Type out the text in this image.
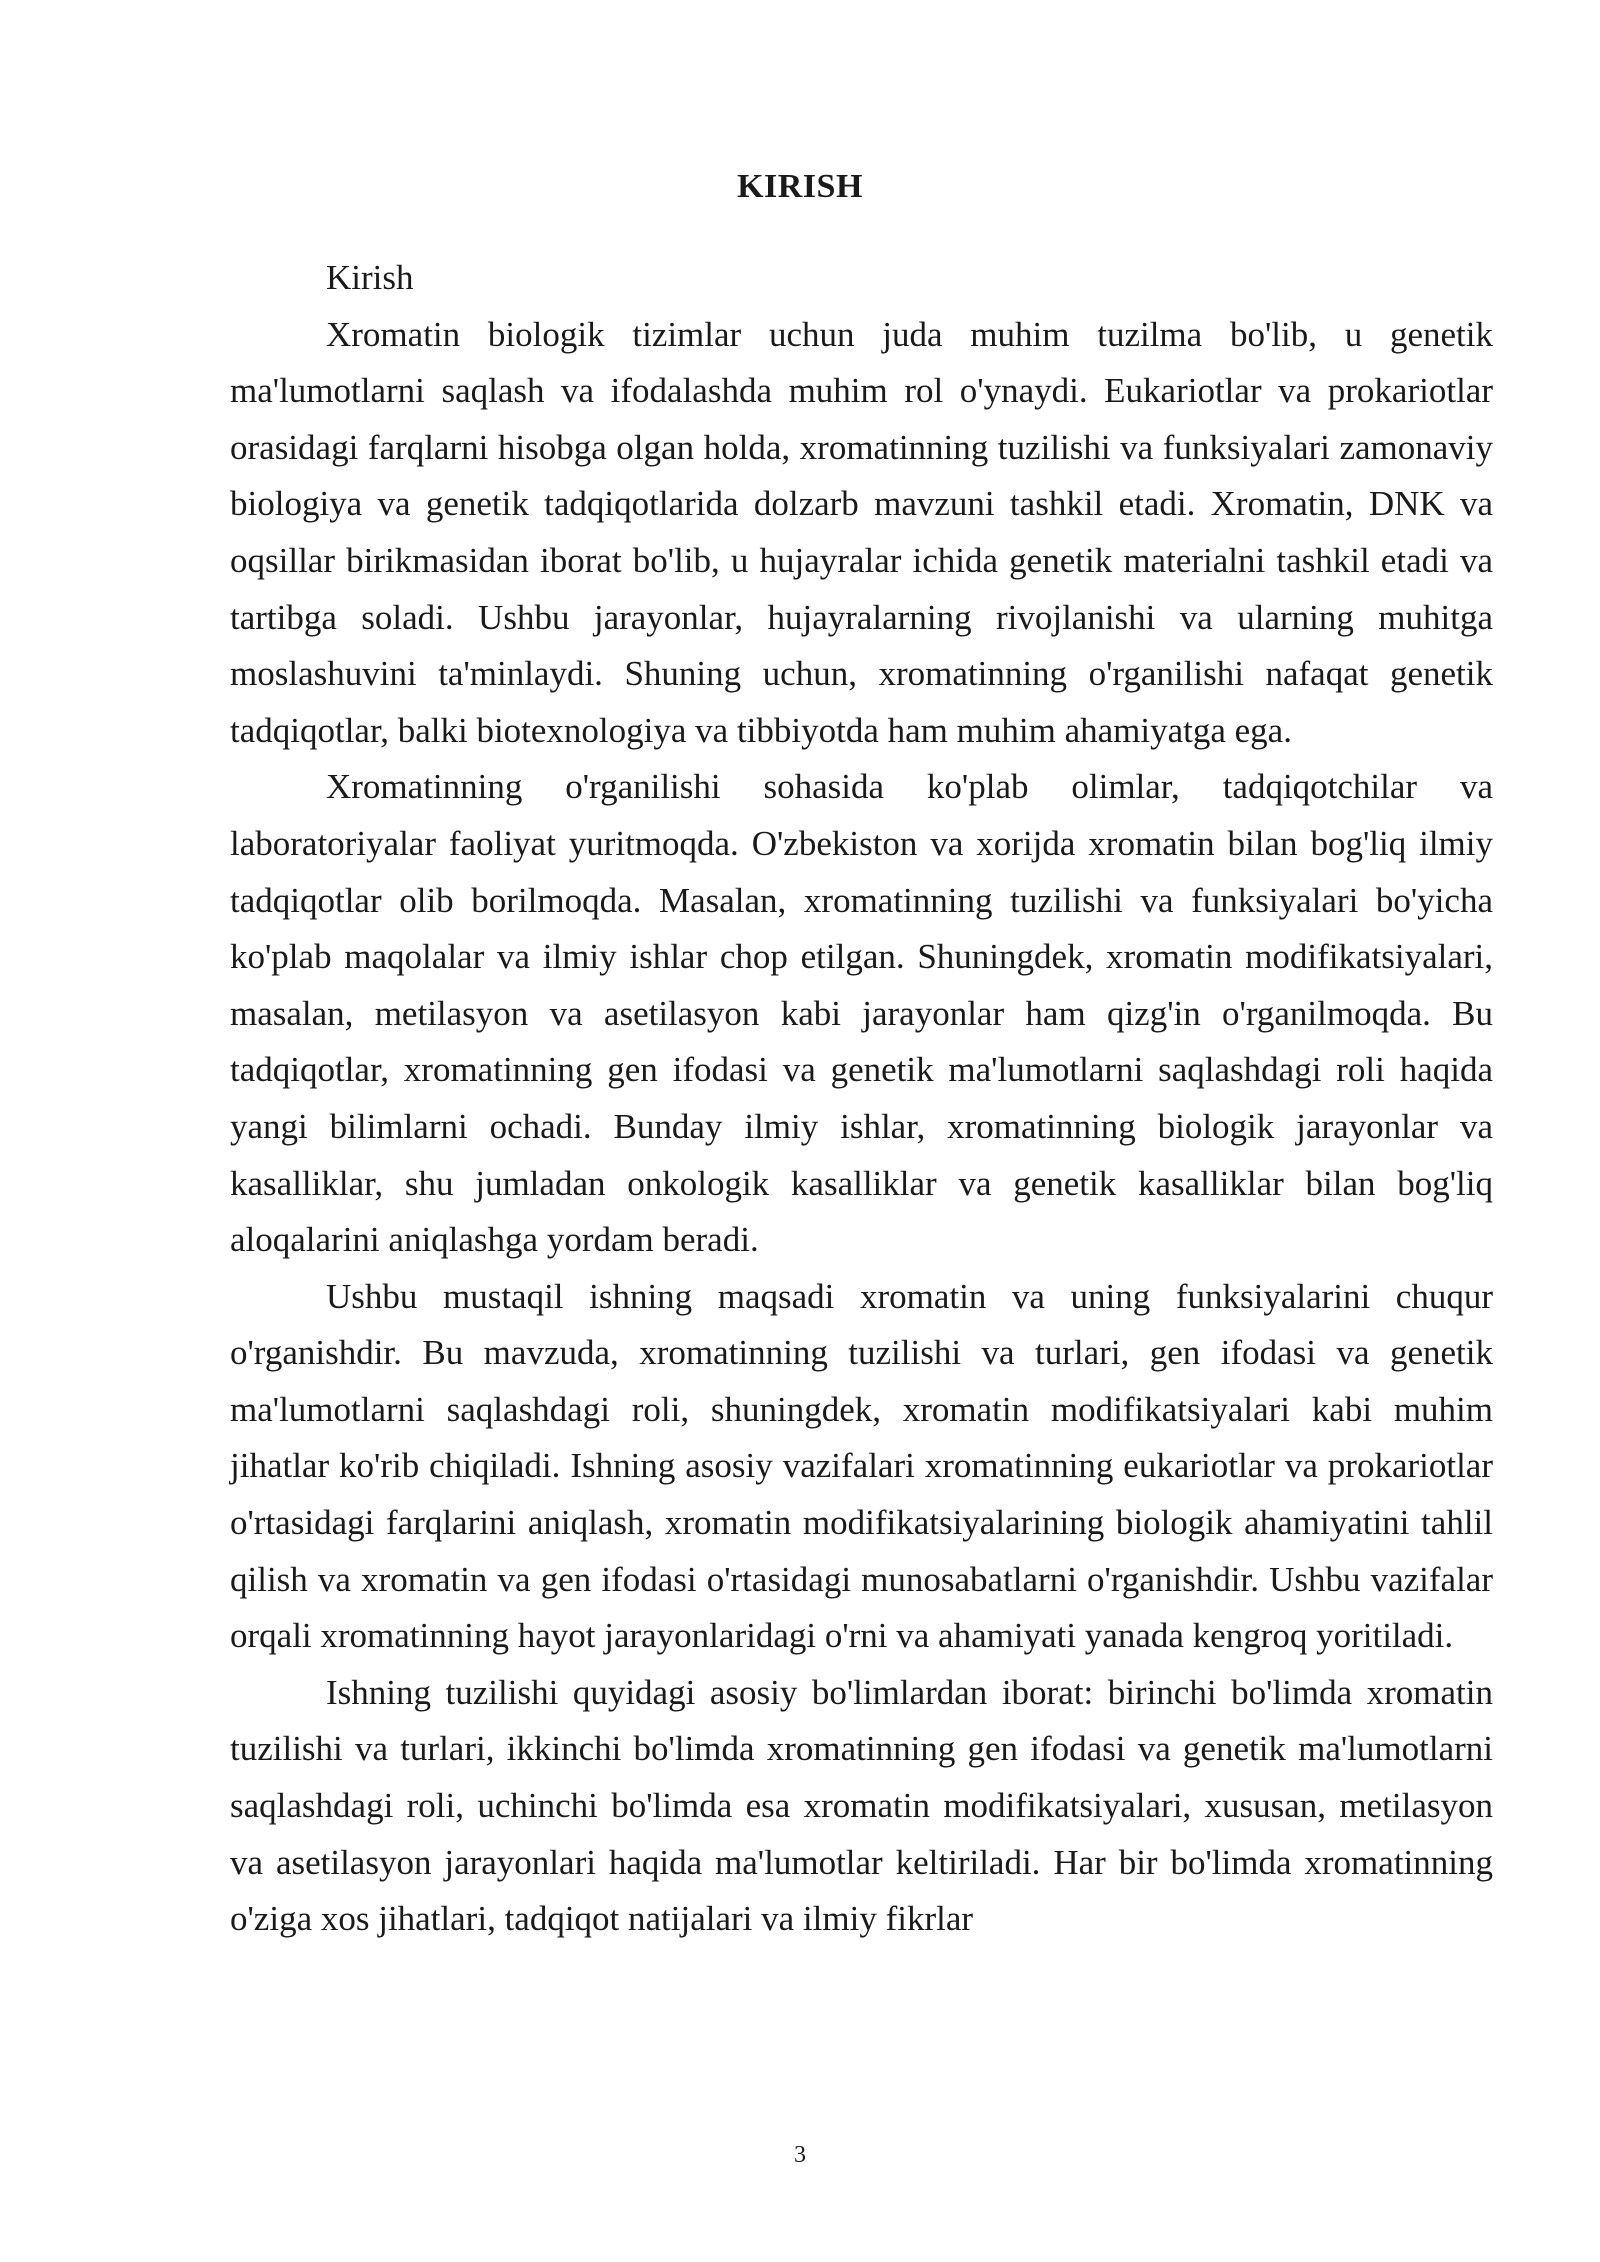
KIRISH

Kirish

Xromatin biologik tizimlar uchun juda muhim tuzilma bo'lib, u genetik ma'lumotlarni saqlash va ifodalashda muhim rol o'ynaydi. Eukariotlar va prokariotlar orasidagi farqlarni hisobga olgan holda, xromatinning tuzilishi va funksiyalari zamonaviy biologiya va genetik tadqiqotlarida dolzarb mavzuni tashkil etadi. Xromatin, DNK va oqsillar birikmasidan iborat bo'lib, u hujayralar ichida genetik materialni tashkil etadi va tartibga soladi. Ushbu jarayonlar, hujayralarning rivojlanishi va ularning muhitga moslashuvini ta'minlaydi. Shuning uchun, xromatinning o'rganilishi nafaqat genetik tadqiqotlar, balki biotexnologiya va tibbiyotda ham muhim ahamiyatga ega.

Xromatinning o'rganilishi sohasida ko'plab olimlar, tadqiqotchilar va laboratoriyalar faoliyat yuritmoqda. O'zbekiston va xorijda xromatin bilan bog'liq ilmiy tadqiqotlar olib borilmoqda. Masalan, xromatinning tuzilishi va funksiyalari bo'yicha ko'plab maqolalar va ilmiy ishlar chop etilgan. Shuningdek, xromatin modifikatsiyalari, masalan, metilasyon va asetilasyon kabi jarayonlar ham qizg'in o'rganilmoqda. Bu tadqiqotlar, xromatinning gen ifodasi va genetik ma'lumotlarni saqlashdagi roli haqida yangi bilimlarni ochadi. Bunday ilmiy ishlar, xromatinning biologik jarayonlar va kasalliklar, shu jumladan onkologik kasalliklar va genetik kasalliklar bilan bog'liq aloqalarini aniqlashga yordam beradi.

Ushbu mustaqil ishning maqsadi xromatin va uning funksiyalarini chuqur o'rganishdir. Bu mavzuda, xromatinning tuzilishi va turlari, gen ifodasi va genetik ma'lumotlarni saqlashdagi roli, shuningdek, xromatin modifikatsiyalari kabi muhim jihatlar ko'rib chiqiladi. Ishning asosiy vazifalari xromatinning eukariotlar va prokariotlar o'rtasidagi farqlarini aniqlash, xromatin modifikatsiyalarining biologik ahamiyatini tahlil qilish va xromatin va gen ifodasi o'rtasidagi munosabatlarni o'rganishdir. Ushbu vazifalar orqali xromatinning hayot jarayonlaridagi o'rni va ahamiyati yanada kengroq yoritiladi.

Ishning tuzilishi quyidagi asosiy bo'limlardan iborat: birinchi bo'limda xromatin tuzilishi va turlari, ikkinchi bo'limda xromatinning gen ifodasi va genetik ma'lumotlarni saqlashdagi roli, uchinchi bo'limda esa xromatin modifikatsiyalari, xususan, metilasyon va asetilasyon jarayonlari haqida ma'lumotlar keltiriladi. Har bir bo'limda xromatinning o'ziga xos jihatlari, tadqiqot natijalari va ilmiy fikrlar

3
